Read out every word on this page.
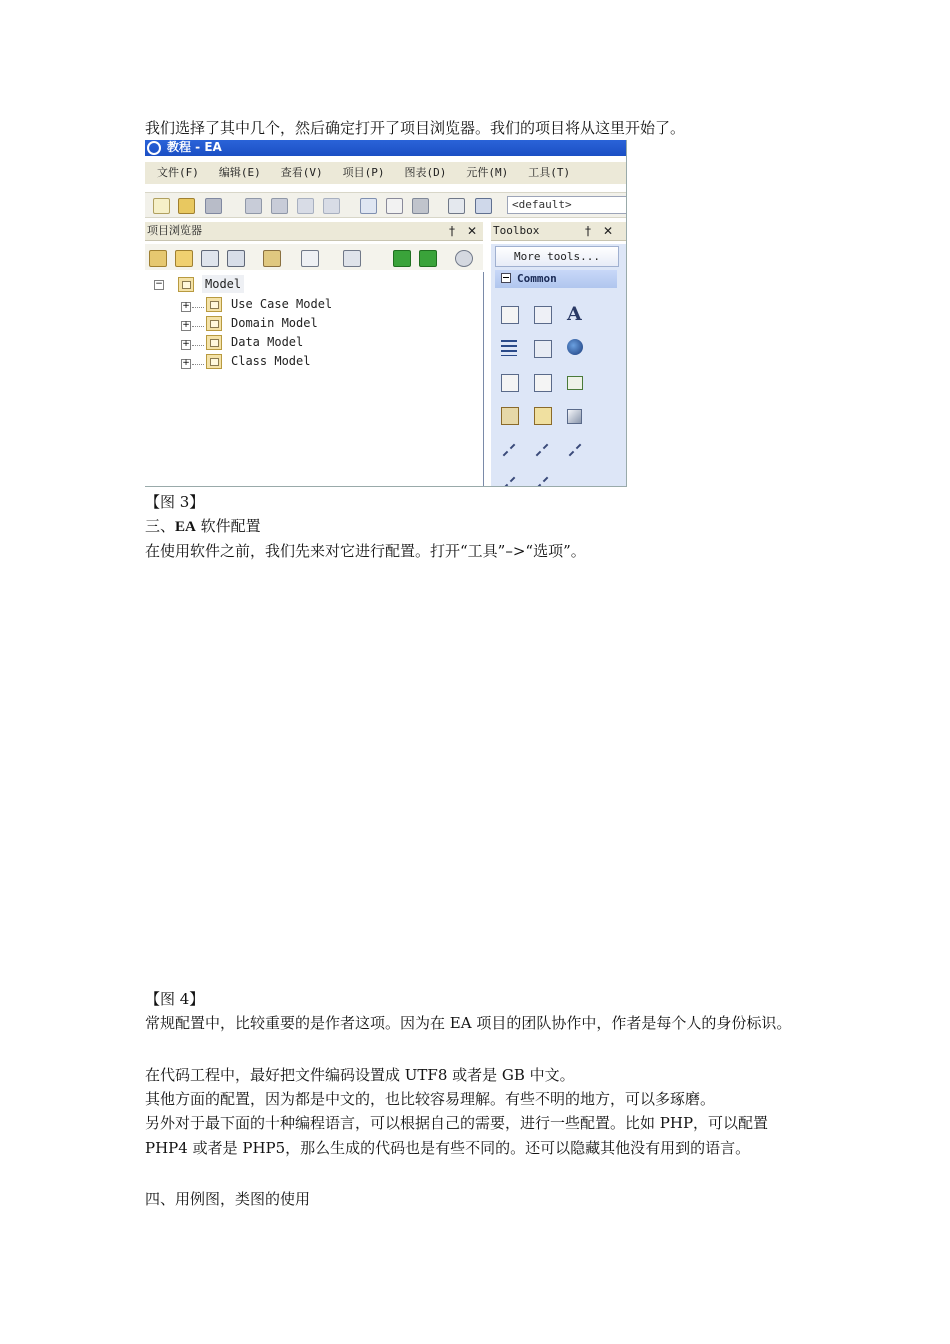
我们选择了其中几个，然后确定打开了项目浏览器。我们的项目将从这里开始了。
教程 - EA
文件(F) 编辑(E) 查看(V) 项目(P) 图表(D) 元件(M) 工具(T)
<default>
项目浏览器	† ✕ Toolbox	† ✕
−	Model
+	Use Case Model
+	Domain Model
+	Data Model
+	Class Model
More tools...
Common
A
【图 3】
三、EA 软件配置
在使用软件之前，我们先来对它进行配置。打开“工具”–>“选项”。
【图 4】
常规配置中，比较重要的是作者这项。因为在 EA 项目的团队协作中，作者是每个人的身份标识。
在代码工程中，最好把文件编码设置成 UTF8 或者是 GB 中文。
其他方面的配置，因为都是中文的，也比较容易理解。有些不明的地方，可以多琢磨。
另外对于最下面的十种编程语言，可以根据自己的需要，进行一些配置。比如 PHP，可以配置 PHP4 或者是 PHP5，那么生成的代码也是有些不同的。还可以隐藏其他没有用到的语言。
四、用例图，类图的使用
